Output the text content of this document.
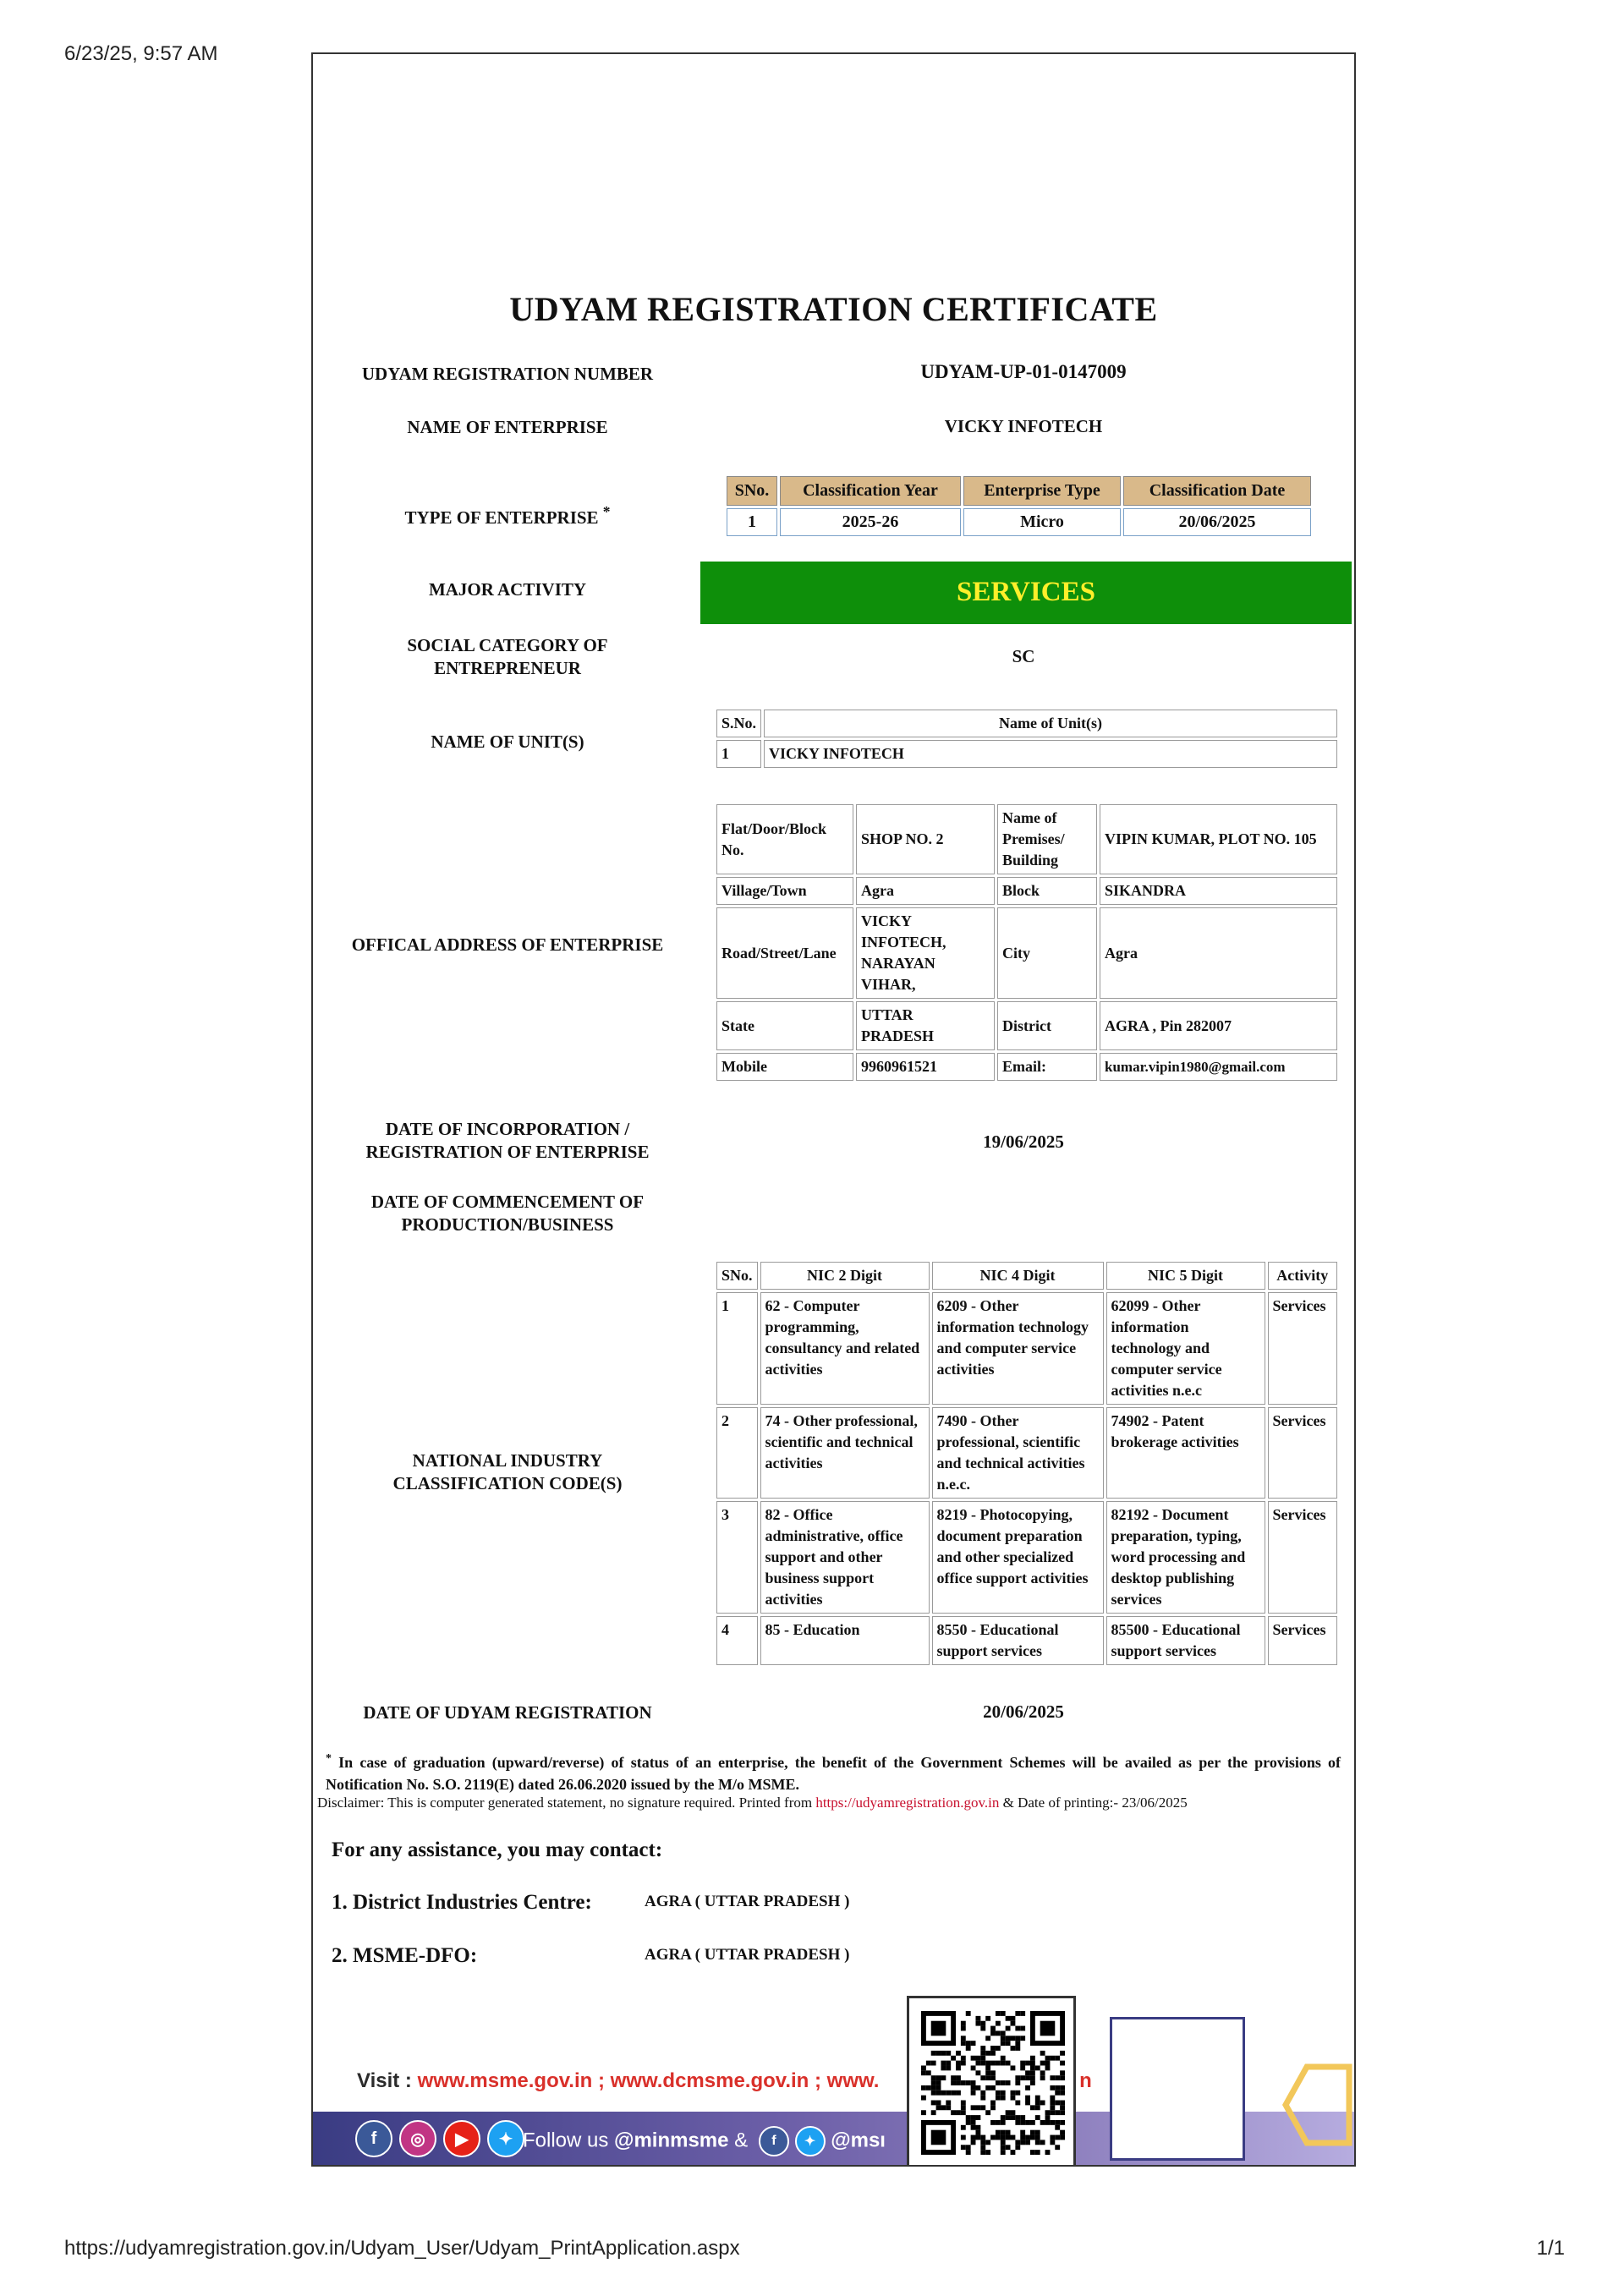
6/23/25, 9:57 AM
UDYAM REGISTRATION CERTIFICATE
UDYAM REGISTRATION NUMBER	UDYAM-UP-01-0147009
NAME OF ENTERPRISE	VICKY INFOTECH
TYPE OF ENTERPRISE *
SNo.	Classification Year	Enterprise Type	Classification Date
1	2025-26	Micro	20/06/2025
MAJOR ACTIVITY	SERVICES
SOCIAL CATEGORY OF
ENTREPRENEUR
SC
NAME OF UNIT(S)
S.No.	Name of Unit(s)
1	VICKY INFOTECH
OFFICAL ADDRESS OF ENTERPRISE
Flat/Door/Block No.	SHOP NO. 2	Name of Premises/ Building	VIPIN KUMAR, PLOT NO. 105
Village/Town	Agra	Block	SIKANDRA
Road/Street/Lane	VICKY INFOTECH, NARAYAN VIHAR,	City	Agra
State	UTTAR PRADESH	District	AGRA , Pin 282007
Mobile	9960961521	Email:	kumar.vipin1980@gmail.com
DATE OF INCORPORATION /
REGISTRATION OF ENTERPRISE	19/06/2025
DATE OF COMMENCEMENT OF
PRODUCTION/BUSINESS
NATIONAL INDUSTRY
CLASSIFICATION CODE(S)
SNo.	NIC 2 Digit	NIC 4 Digit	NIC 5 Digit	Activity
1	62 - Computer programming, consultancy and related activities	6209 - Other information technology and computer service activities	62099 - Other information technology and computer service activities n.e.c	Services
2	74 - Other professional, scientific and technical activities	7490 - Other professional, scientific and technical activities n.e.c.	74902 - Patent brokerage activities	Services
3	82 - Office administrative, office support and other business support activities	8219 - Photocopying, document preparation and other specialized office support activities	82192 - Document preparation, typing, word processing and desktop publishing services	Services
4	85 - Education	8550 - Educational support services	85500 - Educational support services	Services
DATE OF UDYAM REGISTRATION	20/06/2025
* In case of graduation (upward/reverse) of status of an enterprise, the benefit of the Government Schemes will be availed as per the provisions of Notification No. S.O. 2119(E) dated 26.06.2020 issued by the M/o MSME.
Disclaimer: This is computer generated statement, no signature required. Printed from https://udyamregistration.gov.in & Date of printing:- 23/06/2025
For any assistance, you may contact:
1. District Industries Centre:	AGRA ( UTTAR PRADESH )
2. MSME-DFO:	AGRA ( UTTAR PRADESH )
Visit : www.msme.gov.in ; www.dcmsme.gov.in ; www.	n
f	◎	▶	✦ Follow us @minmsme & f ✦ @msı
https://udyamregistration.gov.in/Udyam_User/Udyam_PrintApplication.aspx	1/1
